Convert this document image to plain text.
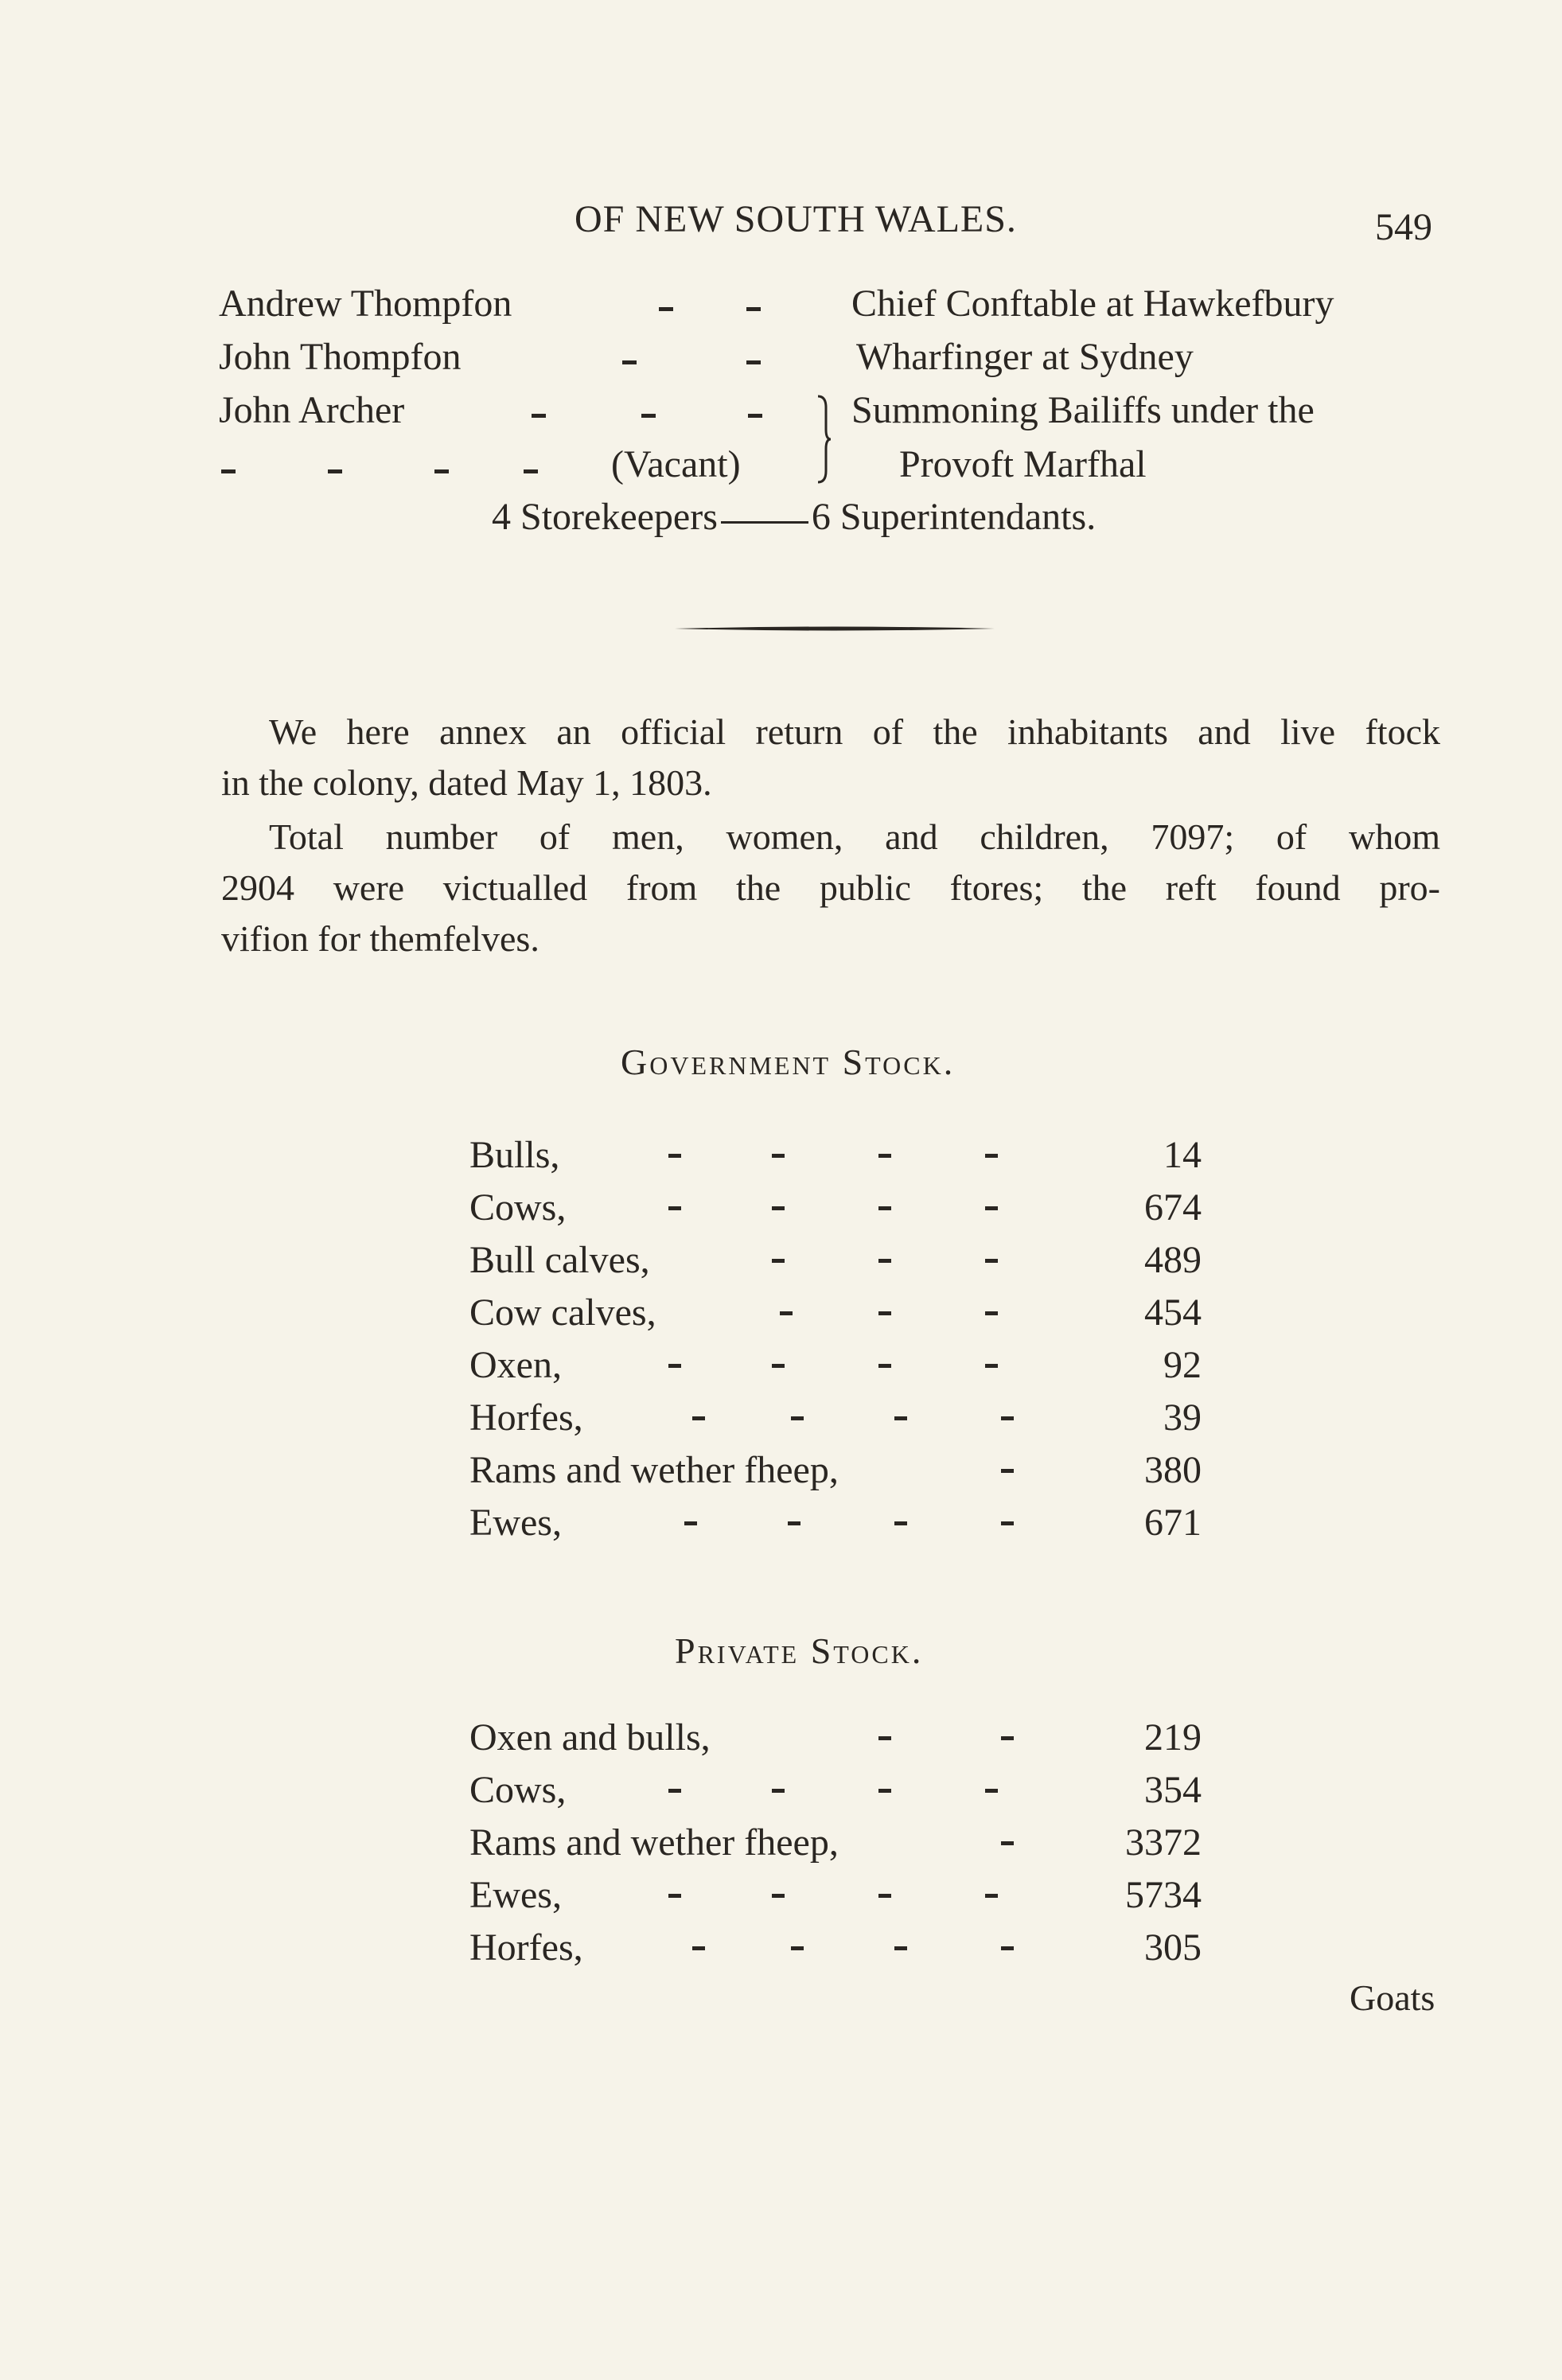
OF NEW SOUTH WALES.	549
Andrew Thompfon	Chief Conftable at Hawkefbury
John Thompfon	Wharfinger at Sydney
John Archer	Summoning Bailiffs under the
(Vacant)	Provoft Marfhal
4 Storekeepers 6 Superintendants.
We here annex an official return of the inhabitants and live ftock
in the colony, dated May 1, 1803.
Total number of men, women, and children, 7097; of whom
2904 were victualled from the public ftores; the reft found pro-
vifion for themfelves.
Government Stock.
Bulls,	14
Cows,	674
Bull calves,	489
Cow calves,	454
Oxen,	92
Horfes,	39
Rams and wether fheep,	380
Ewes,	671
Private Stock.
Oxen and bulls,	219
Cows,	354
Rams and wether fheep,	3372
Ewes,	5734
Horfes,	305
Goats
